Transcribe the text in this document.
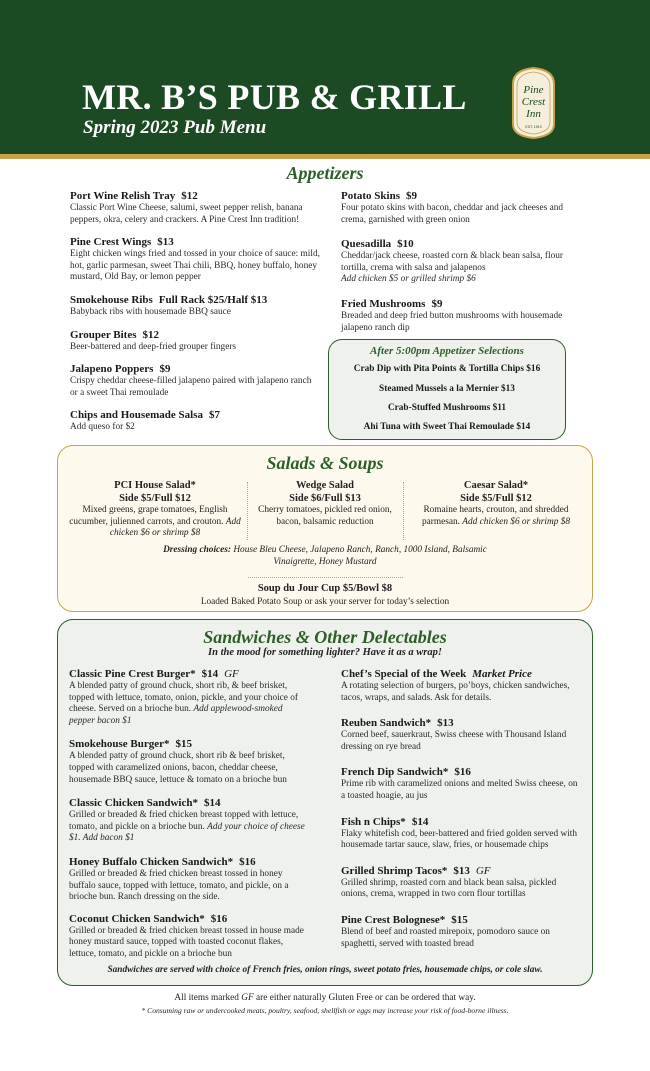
MR. B’S PUB & GRILL
Spring 2023 Pub Menu
Pine
Crest
Inn
EST. 1913
Appetizers
Port Wine Relish Tray $12
Classic Port Wine Cheese, salumi, sweet pepper relish, banana peppers, okra, celery and crackers. A Pine Crest Inn tradition!
Pine Crest Wings $13
Eight chicken wings fried and tossed in your choice of sauce: mild, hot, garlic parmesan, sweet Thai chili, BBQ, honey buffalo, honey mustard, Old Bay, or lemon pepper
Smokehouse Ribs Full Rack $25/Half $13
Babyback ribs with housemade BBQ sauce
Grouper Bites $12
Beer-battered and deep-fried grouper fingers
Jalapeno Poppers $9
Crispy cheddar cheese-filled jalapeno paired with jalapeno ranch or a sweet Thai remoulade
Chips and Housemade Salsa $7
Add queso for $2
Potato Skins $9
Four potato skins with bacon, cheddar and jack cheeses and crema, garnished with green onion
Quesadilla $10
Cheddar/jack cheese, roasted corn & black bean salsa, flour tortilla, crema with salsa and jalapenos
Add chicken $5 or grilled shrimp $6
Fried Mushrooms $9
Breaded and deep fried button mushrooms with housemade jalapeno ranch dip
After 5:00pm Appetizer Selections
Crab Dip with Pita Points & Tortilla Chips $16
Steamed Mussels a la Mernier $13
Crab-Stuffed Mushrooms $11
Ahi Tuna with Sweet Thai Remoulade $14
Salads & Soups
PCI House Salad*
Side $5/Full $12
Mixed greens, grape tomatoes, English cucumber, julienned carrots, and crouton. Add chicken $6 or shrimp $8
Wedge Salad
Side $6/Full $13
Cherry tomatoes, pickled red onion, bacon, balsamic reduction
Caesar Salad*
Side $5/Full $12
Romaine hearts, crouton, and shredded parmesan. Add chicken $6 or shrimp $8
Dressing choices: House Bleu Cheese, Jalapeno Ranch, Ranch, 1000 Island, Balsamic Vinaigrette, Honey Mustard
Soup du Jour Cup $5/Bowl $8
Loaded Baked Potato Soup or ask your server for today’s selection
Sandwiches & Other Delectables
In the mood for something lighter? Have it as a wrap!
Classic Pine Crest Burger* $14 GF
A blended patty of ground chuck, short rib, & beef brisket, topped with lettuce, tomato, onion, pickle, and your choice of cheese. Served on a brioche bun. Add applewood-smoked pepper bacon $1
Smokehouse Burger* $15
A blended patty of ground chuck, short rib & beef brisket, topped with caramelized onions, bacon, cheddar cheese, housemade BBQ sauce, lettuce & tomato on a brioche bun
Classic Chicken Sandwich* $14
Grilled or breaded & fried chicken breast topped with lettuce, tomato, and pickle on a brioche bun. Add your choice of cheese $1. Add bacon $1
Honey Buffalo Chicken Sandwich* $16
Grilled or breaded & fried chicken breast tossed in honey buffalo sauce, topped with lettuce, tomato, and pickle, on a brioche bun. Ranch dressing on the side.
Coconut Chicken Sandwich* $16
Grilled or breaded & fried chicken breast tossed in house made honey mustard sauce, topped with toasted coconut flakes, lettuce, tomato, and pickle on a brioche bun
Chef’s Special of the Week Market Price
A rotating selection of burgers, po’boys, chicken sandwiches, tacos, wraps, and salads. Ask for details.
Reuben Sandwich* $13
Corned beef, sauerkraut, Swiss cheese with Thousand Island dressing on rye bread
French Dip Sandwich* $16
Prime rib with caramelized onions and melted Swiss cheese, on a toasted hoagie, au jus
Fish n Chips* $14
Flaky whitefish cod, beer-battered and fried golden served with housemade tartar sauce, slaw, fries, or housemade chips
Grilled Shrimp Tacos* $13 GF
Grilled shrimp, roasted corn and black bean salsa, pickled onions, crema, wrapped in two corn flour tortillas
Pine Crest Bolognese* $15
Blend of beef and roasted mirepoix, pomodoro sauce on spaghetti, served with toasted bread
Sandwiches are served with choice of French fries, onion rings, sweet potato fries, housemade chips, or cole slaw.
All items marked GF are either naturally Gluten Free or can be ordered that way.
* Consuming raw or undercooked meats, poultry, seafood, shellfish or eggs may increase your risk of food-borne illness.
